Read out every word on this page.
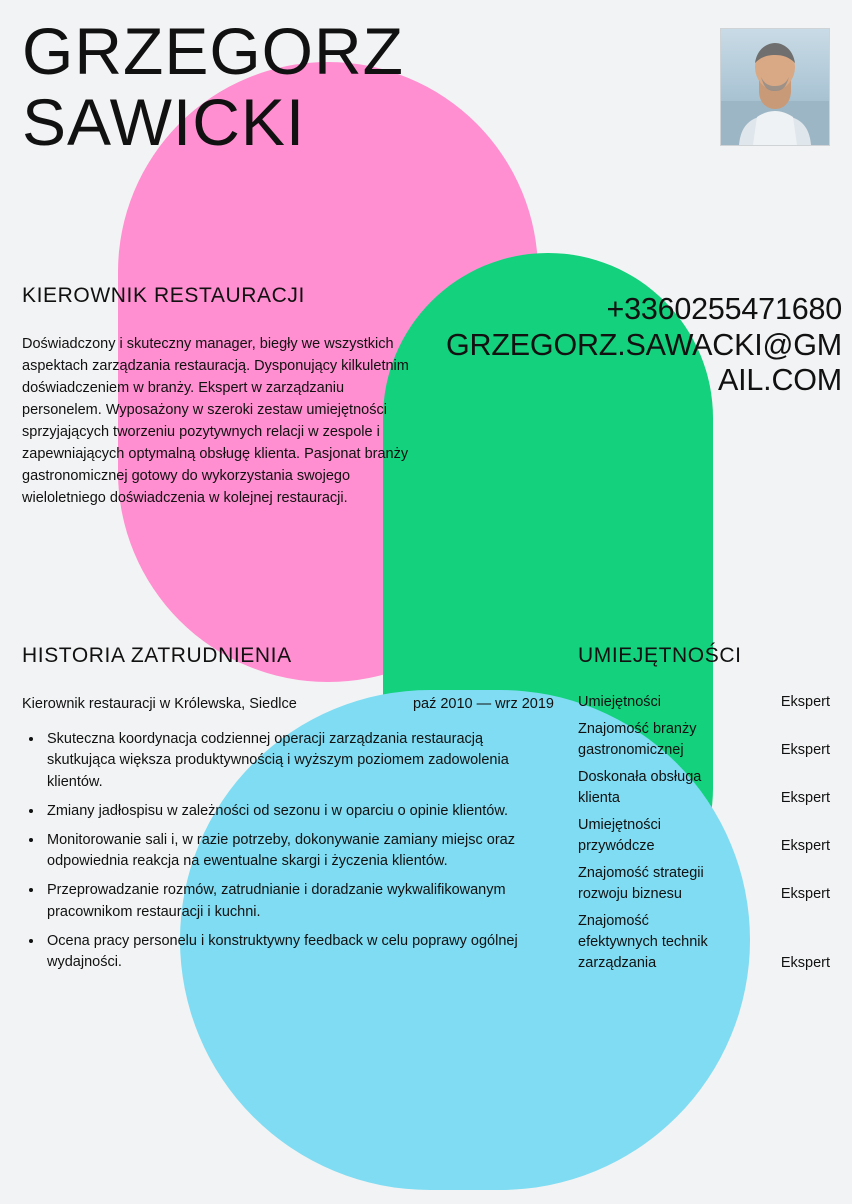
GRZEGORZ
SAWICKI
KIEROWNIK RESTAURACJI
Doświadczony i skuteczny manager, biegły we wszystkich aspektach zarządzania restauracją. Dysponujący kilkuletnim doświadczeniem w branży. Ekspert w zarządzaniu personelem. Wyposażony w szeroki zestaw umiejętności sprzyjających tworzeniu pozytywnych relacji w zespole i zapewniających optymalną obsługę klienta. Pasjonat branży gastronomicznej gotowy do wykorzystania swojego wieloletniego doświadczenia w kolejnej restauracji.
+3360255471680
GRZEGORZ.SAWACKI@GMAIL.COM
HISTORIA ZATRUDNIENIA	UMIEJĘTNOŚCI
Kierownik restauracji w Królewska, Siedlce	paź 2010 — wrz 2019
• Skuteczna koordynacja codziennej operacji zarządzania restauracją skutkująca większa produktywnością i wyższym poziomem zadowolenia klientów.
• Zmiany jadłospisu w zależności od sezonu i w oparciu o opinie klientów.
• Monitorowanie sali i, w razie potrzeby, dokonywanie zamiany miejsc oraz odpowiednia reakcja na ewentualne skargi i życzenia klientów.
• Przeprowadzanie rozmów, zatrudnianie i doradzanie wykwalifikowanym pracownikom restauracji i kuchni.
• Ocena pracy personelu i konstruktywny feedback w celu poprawy ogólnej wydajności.
Umiejętności	Ekspert
Znajomość branży gastronomicznej	Ekspert
Doskonała obsługa klienta	Ekspert
Umiejętności przywódcze	Ekspert
Znajomość strategii rozwoju biznesu	Ekspert
Znajomość efektywnych technik zarządzania	Ekspert
